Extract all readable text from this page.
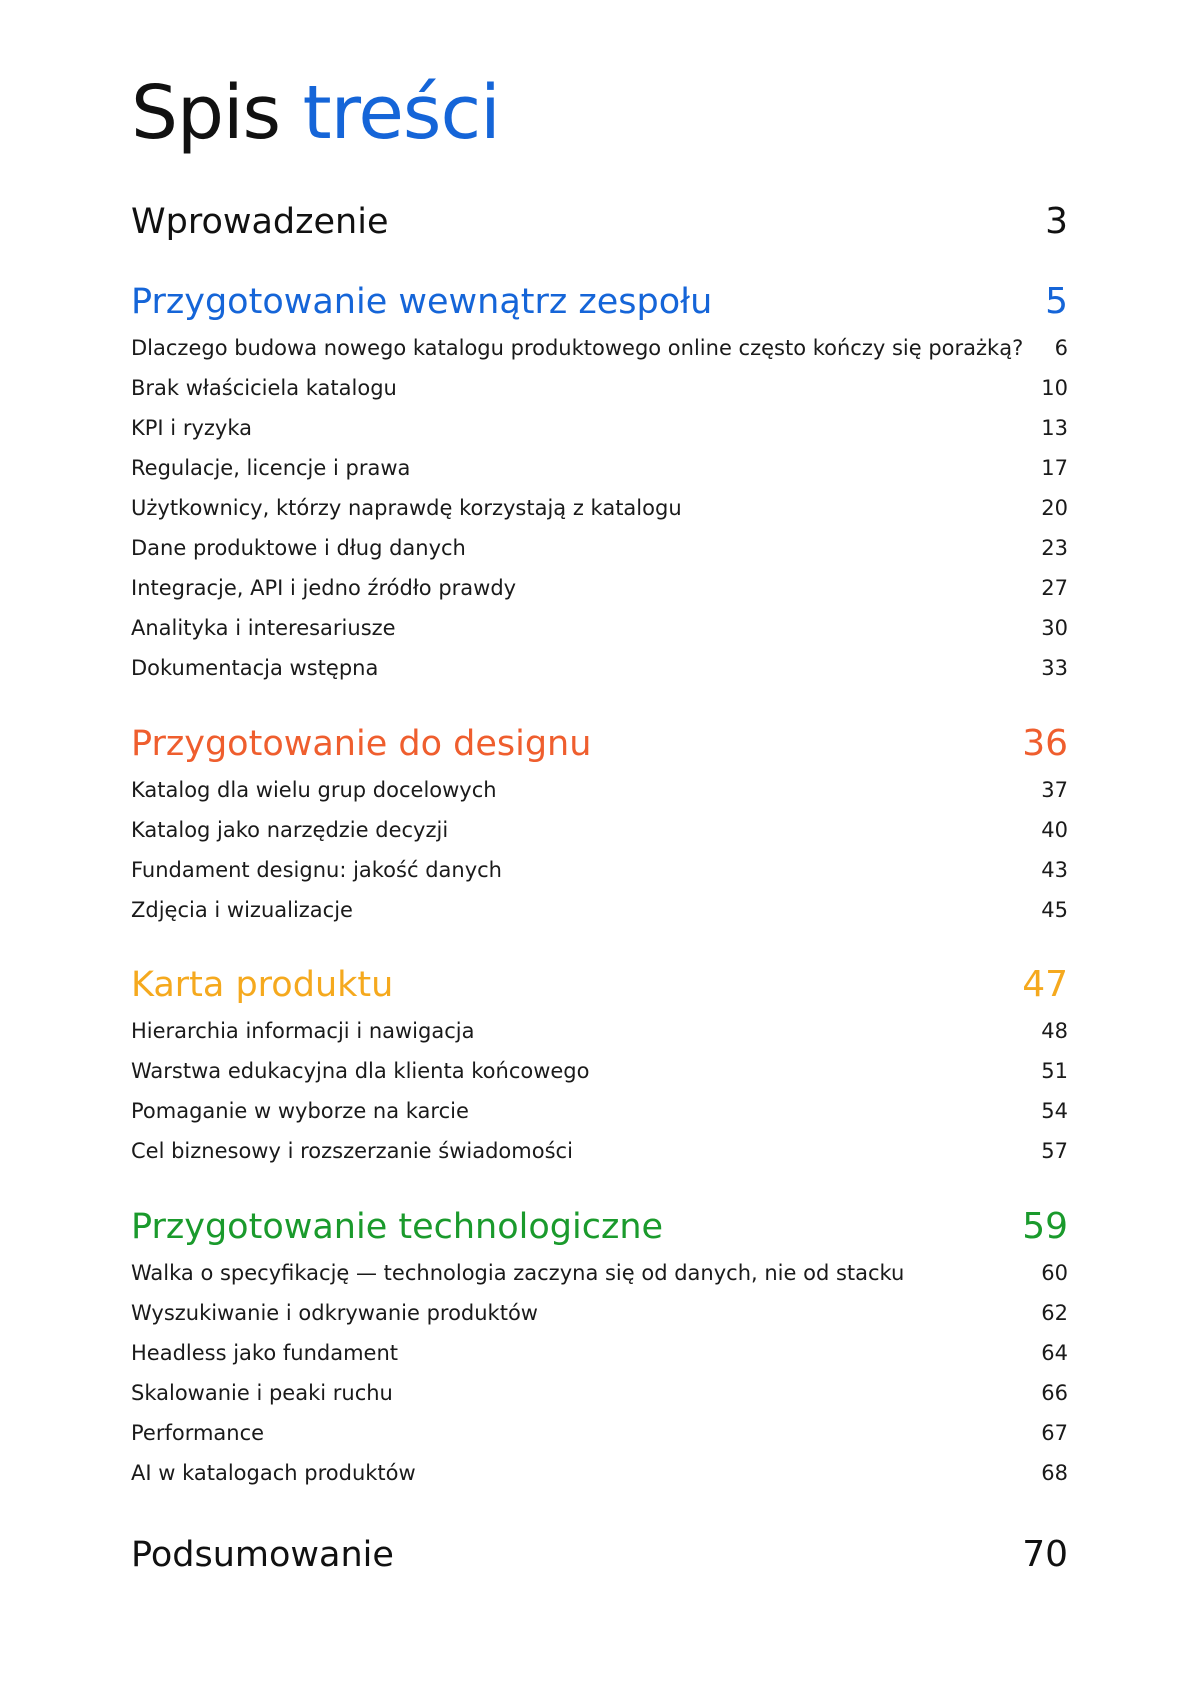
Spis treści
Wprowadzenie	3
Przygotowanie wewnątrz zespołu	5
Dlaczego budowa nowego katalogu produktowego online często kończy się porażką?	6
Brak właściciela katalogu	10
KPI i ryzyka	13
Regulacje, licencje i prawa	17
Użytkownicy, którzy naprawdę korzystają z katalogu	20
Dane produktowe i dług danych	23
Integracje, API i jedno źródło prawdy	27
Analityka i interesariusze	30
Dokumentacja wstępna	33
Przygotowanie do designu	36
Katalog dla wielu grup docelowych	37
Katalog jako narzędzie decyzji	40
Fundament designu: jakość danych	43
Zdjęcia i wizualizacje	45
Karta produktu	47
Hierarchia informacji i nawigacja	48
Warstwa edukacyjna dla klienta końcowego	51
Pomaganie w wyborze na karcie	54
Cel biznesowy i rozszerzanie świadomości	57
Przygotowanie technologiczne	59
Walka o specyfikację — technologia zaczyna się od danych, nie od stacku	60
Wyszukiwanie i odkrywanie produktów	62
Headless jako fundament	64
Skalowanie i peaki ruchu	66
Performance	67
AI w katalogach produktów	68
Podsumowanie	70
